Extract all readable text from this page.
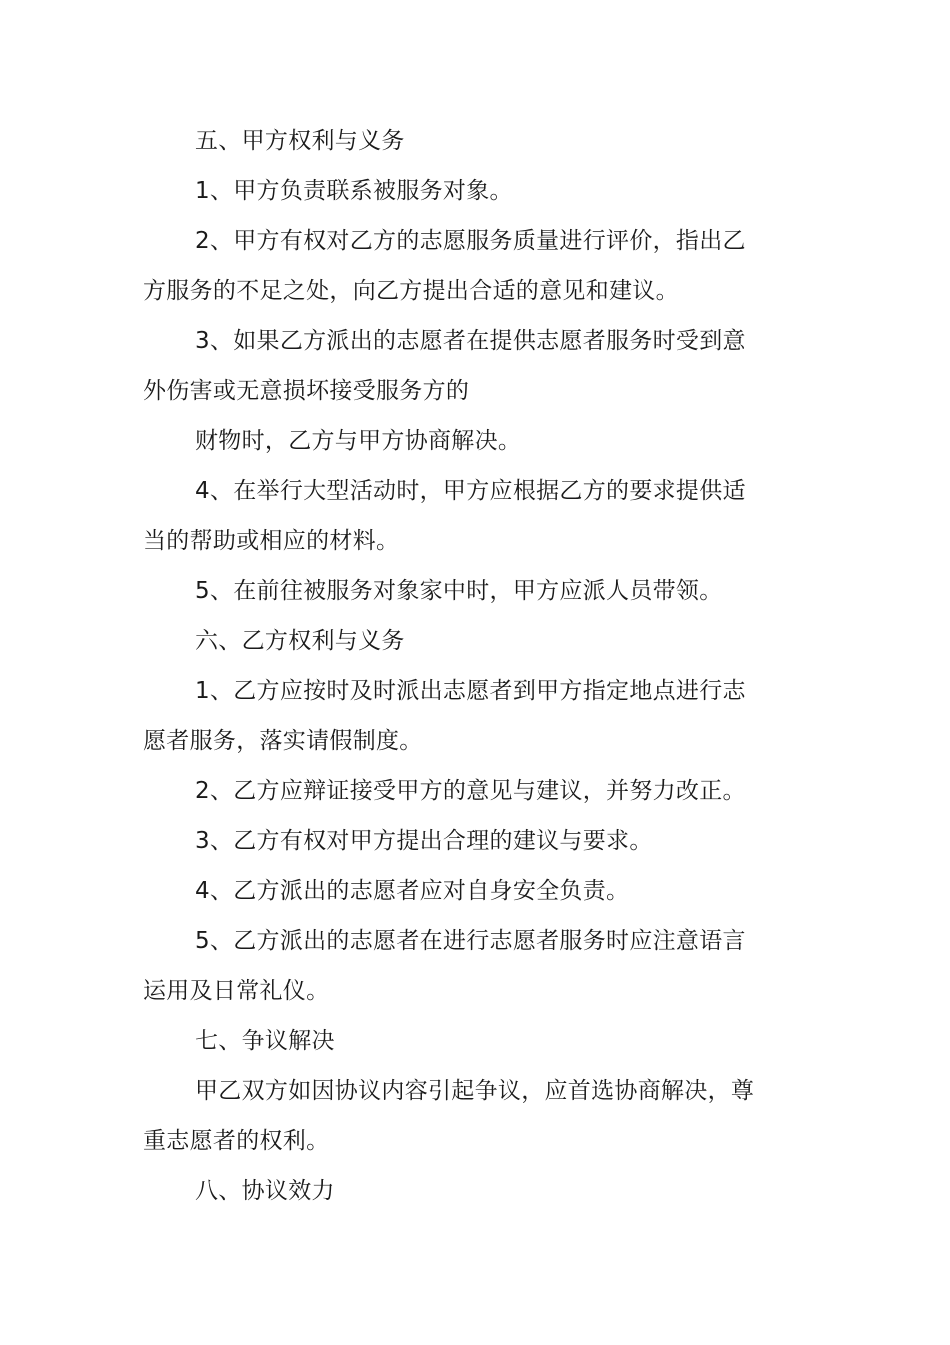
五、甲方权利与义务
1、甲方负责联系被服务对象。
2、甲方有权对乙方的志愿服务质量进行评价，指出乙
方服务的不足之处，向乙方提出合适的意见和建议。
3、如果乙方派出的志愿者在提供志愿者服务时受到意
外伤害或无意损坏接受服务方的
财物时，乙方与甲方协商解决。
4、在举行大型活动时，甲方应根据乙方的要求提供适
当的帮助或相应的材料。
5、在前往被服务对象家中时，甲方应派人员带领。
六、乙方权利与义务
1、乙方应按时及时派出志愿者到甲方指定地点进行志
愿者服务，落实请假制度。
2、乙方应辩证接受甲方的意见与建议，并努力改正。
3、乙方有权对甲方提出合理的建议与要求。
4、乙方派出的志愿者应对自身安全负责。
5、乙方派出的志愿者在进行志愿者服务时应注意语言
运用及日常礼仪。
七、争议解决
甲乙双方如因协议内容引起争议，应首选协商解决，尊
重志愿者的权利。
八、协议效力
